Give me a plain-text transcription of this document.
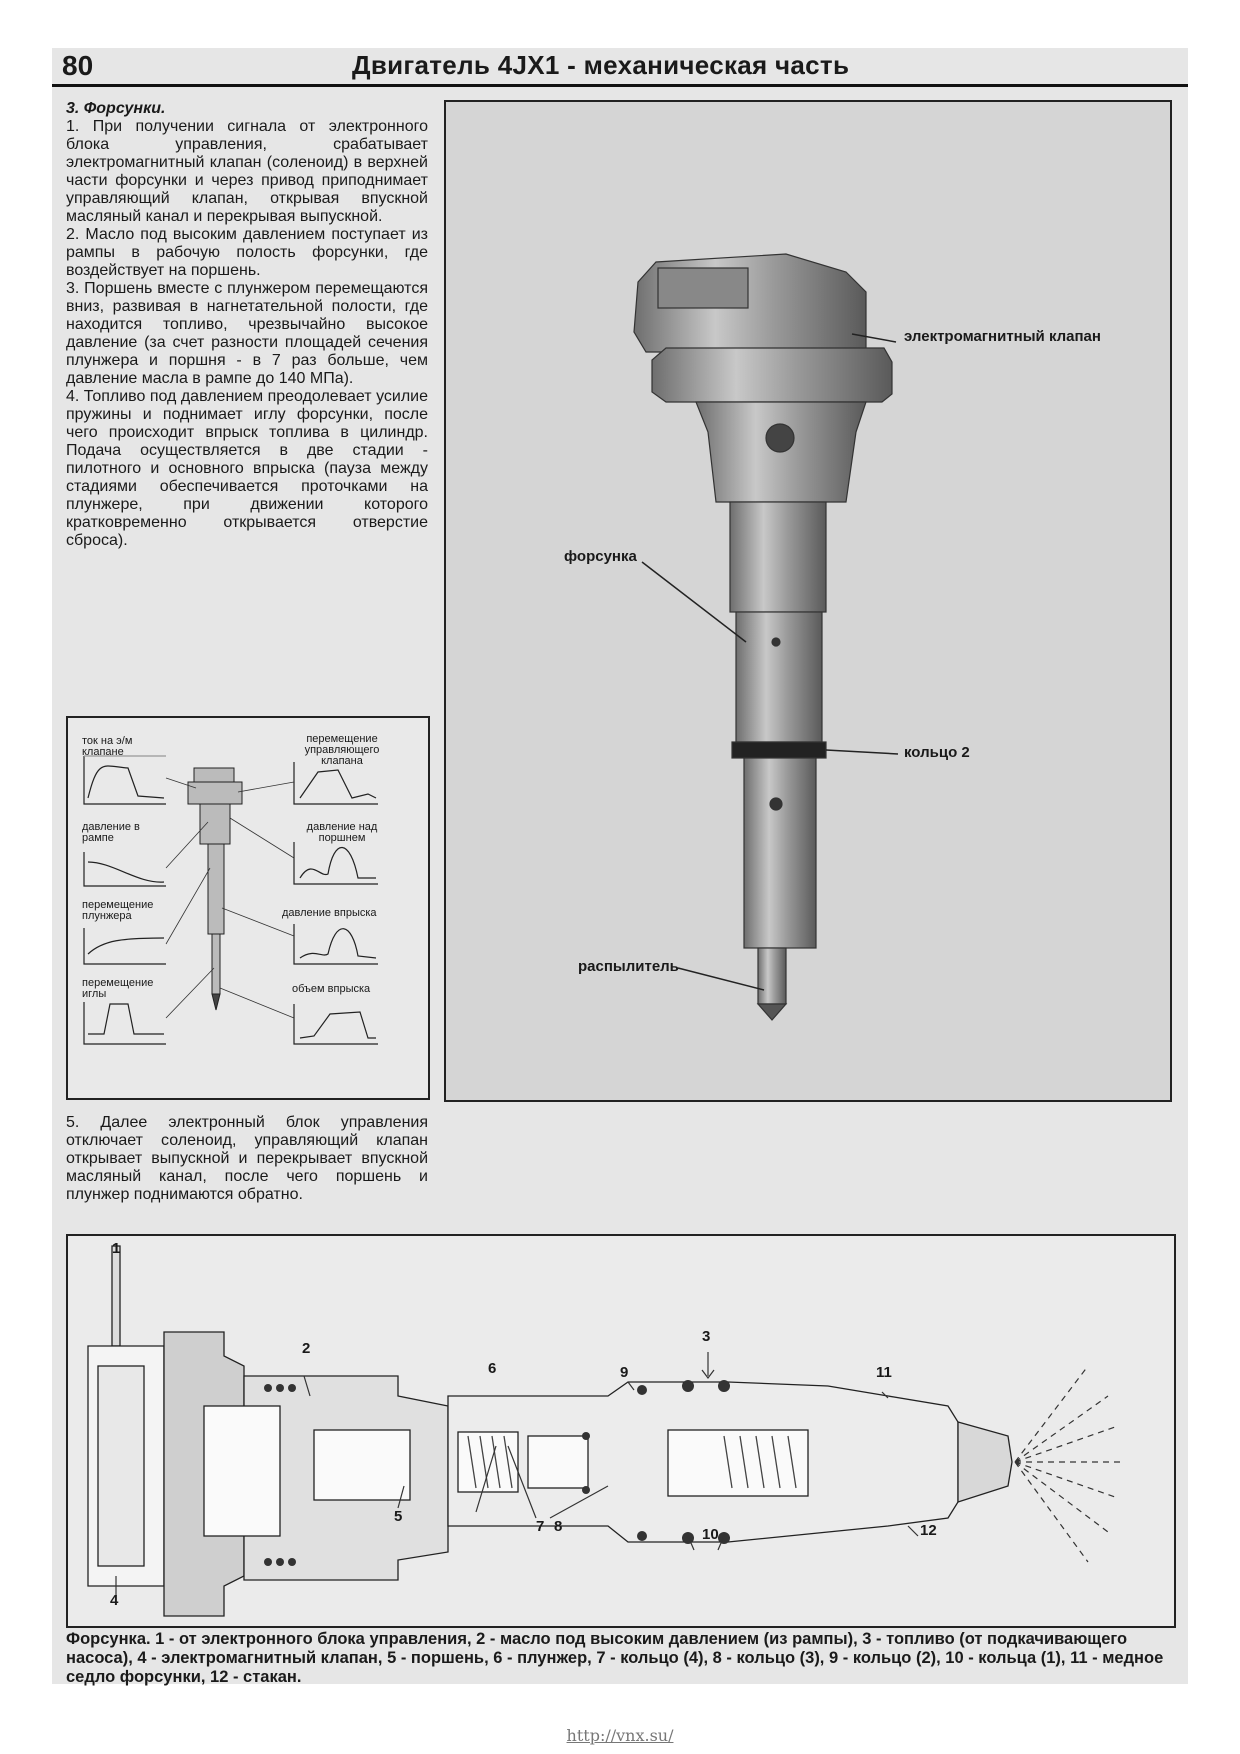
80	Двигатель 4JX1 - механическая часть

3. Форсунки.

1. При получении сигнала от электронного блока управления, срабатывает электромагнитный клапан (соленоид) в верхней части форсунки и через привод приподнимает управляющий клапан, открывая впускной масляный канал и перекрывая выпускной.

2. Масло под высоким давлением поступает из рампы в рабочую полость форсунки, где воздействует на поршень.

3. Поршень вместе с плунжером перемещаются вниз, развивая в нагнетательной полости, где находится топливо, чрезвычайно высокое давление (за счет разности площадей сечения плунжера и поршня - в 7 раз больше, чем давление масла в рампе до 140 МПа).

4. Топливо под давлением преодолевает усилие пружины и поднимает иглу форсунки, после чего происходит впрыск топлива в цилиндр. Подача осуществляется в две стадии - пилотного и основного впрыска (пауза между стадиями обеспечивается проточками на плунжере, при движении которого кратковременно открывается отверстие сброса).

ток на э/м клапане
давление в рампе
перемещение плунжера
перемещение иглы
перемещение управляющего клапана
давление над поршнем
давление впрыска
объем впрыска

5. Далее электронный блок управления отключает соленоид, управляющий клапан открывает выпускной и перекрывает впускной масляный канал, после чего поршень и плунжер поднимаются обратно.

электромагнитный клапан
форсунка
кольцо 2
распылитель
1
2
3
4
5
6
7 8
9
10
11
12

Форсунка. 1 - от электронного блока управления, 2 - масло под высоким давлением (из рампы), 3 - топливо (от подкачивающего насоса), 4 - электромагнитный клапан, 5 - поршень, 6 - плунжер, 7 - кольцо (4), 8 - кольцо (3), 9 - кольцо (2), 10 - кольца (1), 11 - медное седло форсунки, 12 - стакан.

http://vnx.su/
